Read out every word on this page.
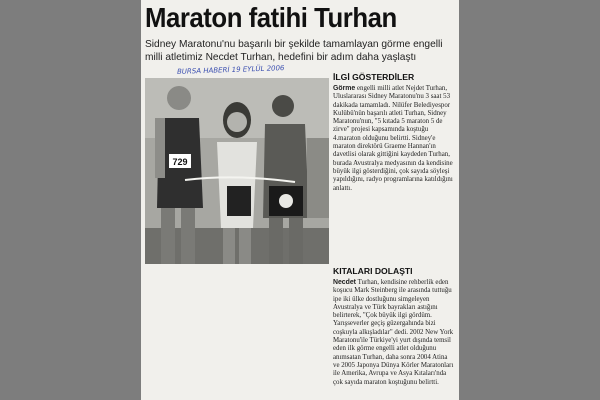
Maraton fatihi Turhan
Sidney Maratonu'nu başarılı bir şekilde tamamlayan görme engelli milli atletimiz Necdet Turhan, hedefini bir adım daha yaşlaştı
BURSA HABERİ 19 EYLÜL 2006
729
İLGİ GÖSTERDİLER
Görme engelli milli atlet Nejdet Turhan, Uluslararası Sidney Maratonu'nu 3 saat 53 dakikada tamamladı. Nilüfer Belediyespor Kulübü'nün başarılı atleti Turhan, Sidney Maratonu'nun, "5 kıtada 5 maraton 5 de zirve" projesi kapsamında koştuğu 4.maraton olduğunu belirtti. Sidney'e maraton direktörü Graeme Hannan'ın davetlisi olarak gittiğini kaydeden Turhan, burada Avustralya medyasının da kendisine büyük ilgi gösterdiğini, çok sayıda söyleşi yapıldığını, radyo programlarına katıldığını anlattı.
KITALARI DOLAŞTI
Necdet Turhan, kendisine rehberlik eden koşucu Mark Steinberg ile arasında tuttuğu ipe iki ülke dostluğunu simgeleyen Avustralya ve Türk bayrakları astığını belirterek, "Çok büyük ilgi gördüm. Yarışseverler geçiş güzergahında bizi coşkuyla alkışladılar" dedi. 2002 New York Maratonu'ile Türkiye'yi yurt dışında temsil eden ilk görme engelli atlet olduğunu anımsatan Turhan, daha sonra 2004 Atina ve 2005 Japonya Dünya Körler Maratonları ile Amerika, Avrupa ve Asya Kıtaları'nda çok sayıda maraton koştuğunu belirtti.
